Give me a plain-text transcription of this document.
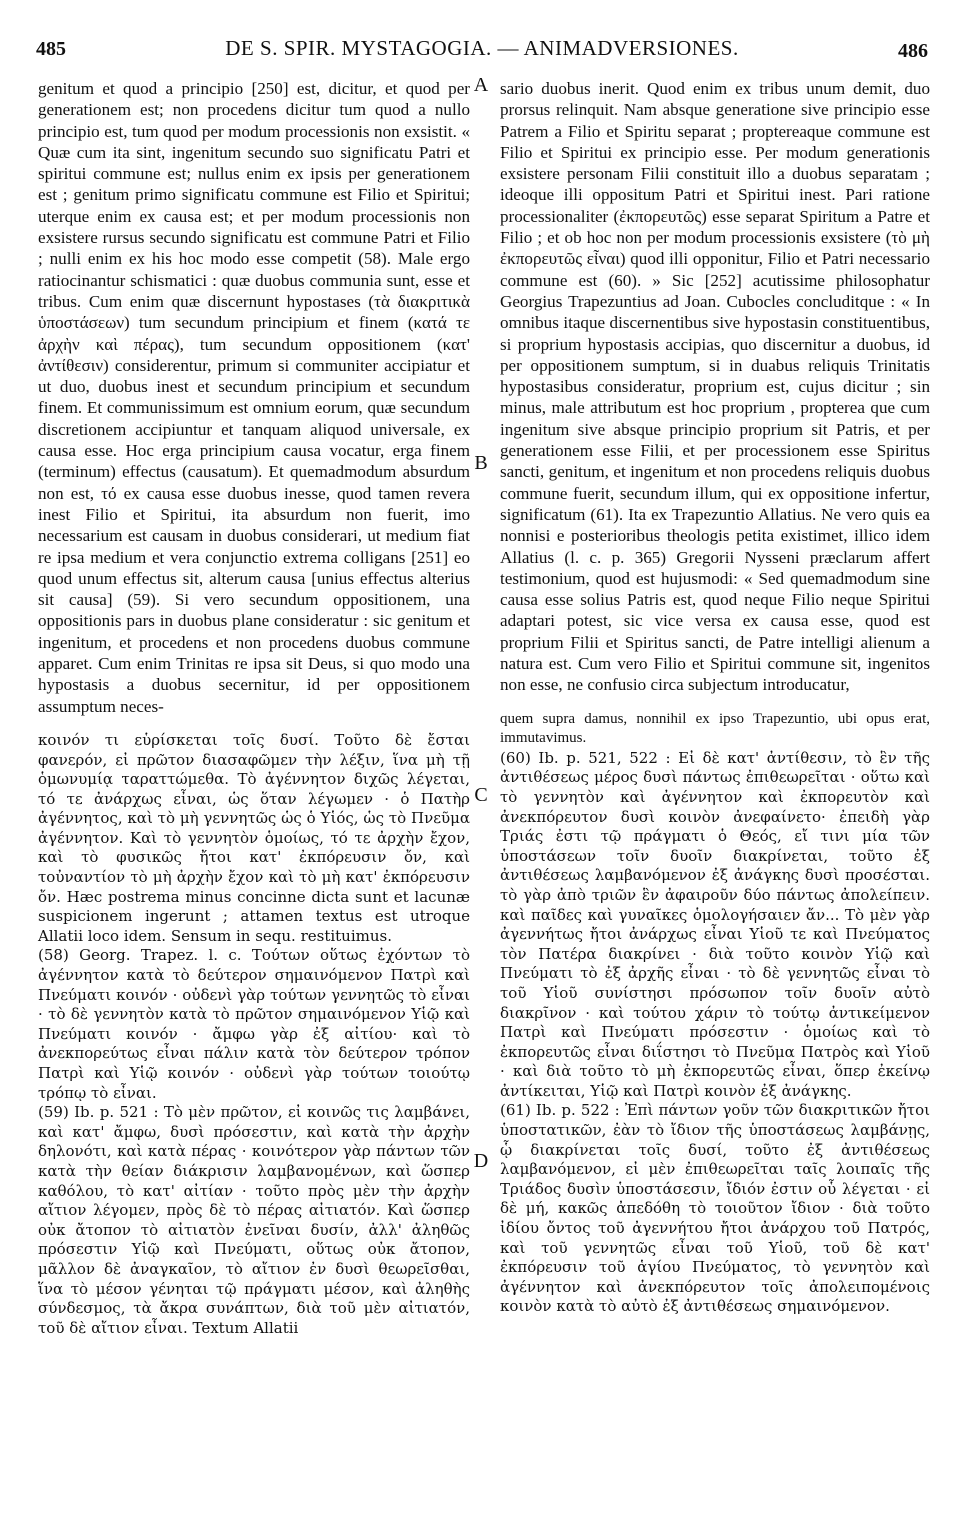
485	DE S. SPIR. MYSTAGOGIA. — ANIMADVERSIONES.	486
A
B
C
D

genitum et quod a principio [250] est, dicitur, et quod per generationem est; non procedens dicitur tum quod a nullo principio est, tum quod per modum processionis non exsistit. « Quæ cum ita sint, ingenitum secundo suo significatu Patri et spiritui commune est; nullus enim ex ipsis per generationem est ; genitum primo significatu commune est Filio et Spiritui; uterque enim ex causa est; et per modum processionis non exsistere rursus secundo significatu est commune Patri et Filio ; nulli enim ex his hoc modo esse competit (58). Male ergo ratiocinantur schismatici : quæ duobus communia sunt, esse et tribus. Cum enim quæ discernunt hypostases (τὰ διακριτικὰ ὑποστάσεων) tum secundum principium et finem (κατά τε ἀρχὴν καὶ πέρας), tum secundum oppositionem (κατ' ἀντίθεσιν) considerentur, primum si communiter accipiatur et ut duo, duobus inest et secundum principium et secundum finem. Et communissimum est omnium eorum, quæ secundum discretionem accipiuntur et tanquam aliquod universale, ex causa esse. Hoc erga principium causa vocatur, erga finem (terminum) effectus (causatum). Et quemadmodum absurdum non est, τό ex causa esse duobus inesse, quod tamen revera inest Filio et Spiritui, ita absurdum non fuerit, imo necessarium est causam in duobus considerari, ut medium fiat re ipsa medium et vera conjunctio extrema colligans [251] eo quod unum effectus sit, alterum causa [unius effectus alterius sit causa] (59). Si vero secundum oppositionem, una oppositionis pars in duobus plane consideratur : sic genitum et ingenitum, et procedens et non procedens duobus commune apparet. Cum enim Trinitas re ipsa sit Deus, si quo modo una hypostasis a duobus secernitur, id per oppositionem assumptum neces-

κοινόν τι εὑρίσκεται τοῖς δυσί. Τοῦτο δὲ ἔσται φανερόν, εἰ πρῶτον διασαφῶμεν τὴν λέξιν, ἵνα μὴ τῇ ὁμωνυμίᾳ ταραττώμεθα. Τὸ ἀγέννητον διχῶς λέγεται, τό τε ἀνάρχως εἶναι, ὡς ὅταν λέγωμεν · ὁ Πατὴρ ἀγέννητος, καὶ τὸ μὴ γεννητῶς ὡς ὁ Υἱός, ὡς τὸ Πνεῦμα ἀγέννητον. Καὶ τὸ γεννητὸν ὁμοίως, τό τε ἀρχὴν ἔχον, καὶ τὸ φυσικῶς ἤτοι κατ' ἐκπόρευσιν ὄν, καὶ τοὐναντίον τὸ μὴ ἀρχὴν ἔχον καὶ τὸ μὴ κατ' ἐκπόρευσιν ὄν. Hæc postrema minus concinne dicta sunt et lacunæ suspicionem ingerunt ; attamen textus est utroque Allatii loco idem. Sensum in sequ. restituimus.

(58) Georg. Trapez. l. c. Τούτων οὕτως ἐχόντων τὸ ἀγέννητον κατὰ τὸ δεύτερον σημαινόμενον Πατρὶ καὶ Πνεύματι κοινόν · οὐδενὶ γὰρ τούτων γεννητῶς τὸ εἶναι · τὸ δὲ γεννητὸν κατὰ τὸ πρῶτον σημαινόμενον Υἱῷ καὶ Πνεύματι κοινόν · ἄμφω γὰρ ἐξ αἰτίου· καὶ τὸ ἀνεκπορεύτως εἶναι πάλιν κατὰ τὸν δεύτερον τρόπον Πατρὶ καὶ Υἱῷ κοινόν · οὐδενὶ γὰρ τούτων τοιούτῳ τρόπῳ τὸ εἶναι.

(59) Ib. p. 521 : Τὸ μὲν πρῶτον, εἰ κοινῶς τις λαμβάνει, καὶ κατ' ἄμφω, δυσὶ πρόσεστιν, καὶ κατὰ τὴν ἀρχὴν δηλονότι, καὶ κατὰ πέρας · κοινότερον γὰρ πάντων τῶν κατὰ τὴν θείαν διάκρισιν λαμβανομένων, καὶ ὥσπερ καθόλου, τὸ κατ' αἰτίαν · τοῦτο πρὸς μὲν τὴν ἀρχὴν αἴτιον λέγομεν, πρὸς δὲ τὸ πέρας αἰτιατόν. Καὶ ὥσπερ οὐκ ἄτοπον τὸ αἰτιατὸν ἐνεῖναι δυσίν, ἀλλ' ἀληθῶς πρόσεστιν Υἱῷ καὶ Πνεύματι, οὕτως οὐκ ἄτοπον, μᾶλλον δὲ ἀναγκαῖον, τὸ αἴτιον ἐν δυσὶ θεωρεῖσθαι, ἵνα τὸ μέσον γένηται τῷ πράγματι μέσον, καὶ ἀληθὴς σύνδεσμος, τὰ ἄκρα συνάπτων, διὰ τοῦ μὲν αἰτιατόν, τοῦ δὲ αἴτιον εἶναι. Textum Allatii

sario duobus inerit. Quod enim ex tribus unum demit, duo prorsus relinquit. Nam absque generatione sive principio esse Patrem a Filio et Spiritu separat ; proptereaque commune est Filio et Spiritui ex principio esse. Per modum generationis exsistere personam Filii constituit illo a duobus separatam ; ideoque illi oppositum Patri et Spiritui inest. Pari ratione processionaliter (ἐκπορευτῶς) esse separat Spiritum a Patre et Filio ; et ob hoc non per modum processionis exsistere (τὸ μὴ ἐκπορευτῶς εἶναι) quod illi opponitur, Filio et Patri necessario commune est (60). » Sic [252] acutissime philosophatur Georgius Trapezuntius ad Joan. Cubocles concluditque : « In omnibus itaque discernentibus sive hypostasin constituentibus, si proprium hypostasis accipias, quo discernitur a duobus, id per oppositionem sumptum, si in duabus reliquis Trinitatis hypostasibus consideratur, proprium est, cujus dicitur ; sin minus, male attributum est hoc proprium , propterea que cum ingenitum sive absque principio proprium sit Patris, et per generationem esse Filii, et per processionem esse Spiritus sancti, genitum, et ingenitum et non procedens reliquis duobus commune fuerit, secundum illum, qui ex oppositione infertur, significatum (61). Ita ex Trapezuntio Allatius. Ne vero quis ea nonnisi e posterioribus theologis petita existimet, illico idem Allatius (l. c. p. 365) Gregorii Nysseni præclarum affert testimonium, quod est hujusmodi: « Sed quemadmodum sine causa esse solius Patris est, quod neque Filio neque Spiritui adaptari potest, sic vice versa ex causa esse, quod est proprium Filii et Spiritus sancti, de Patre intelligi alienum a natura est. Cum vero Filio et Spiritui commune sit, ingenitos non esse, ne confusio circa subjectum introducatur,

quem supra damus, nonnihil ex ipso Trapezuntio, ubi opus erat, immutavimus.

(60) Ib. p. 521, 522 : Εἰ δὲ κατ' ἀντίθεσιν, τὸ ἓν τῆς ἀντιθέσεως μέρος δυσὶ πάντως ἐπιθεωρεῖται · οὕτω καὶ τὸ γεννητὸν καὶ ἀγέννητον καὶ ἐκπορευτὸν καὶ ἀνεκπόρευτον δυσὶ κοινὸν ἀνεφαίνετο· ἐπειδὴ γὰρ Τριάς ἐστι τῷ πράγματι ὁ Θεός, εἴ τινι μία τῶν ὑποστάσεων τοῖν δυοῖν διακρίνεται, τοῦτο ἐξ ἀντιθέσεως λαμβανόμενον ἐξ ἀνάγκης δυσὶ προσέσται. τὸ γὰρ ἀπὸ τριῶν ἓν ἀφαιροῦν δύο πάντως ἀπολείπειν. καὶ παῖδες καὶ γυναῖκες ὁμολογήσαιεν ἄν... Τὸ μὲν γὰρ ἀγεννήτως ἤτοι ἀνάρχως εἶναι Υἱοῦ τε καὶ Πνεύματος τὸν Πατέρα διακρίνει · διὰ τοῦτο κοινὸν Υἱῷ καὶ Πνεύματι τὸ ἐξ ἀρχῆς εἶναι · τὸ δὲ γεννητῶς εἶναι τὸ τοῦ Υἱοῦ συνίστησι πρόσωπον τοῖν δυοῖν αὐτὸ διακρῖνον · καὶ τούτου χάριν τὸ τούτῳ ἀντικείμενον Πατρὶ καὶ Πνεύματι πρόσεστιν · ὁμοίως καὶ τὸ ἐκπορευτῶς εἶναι διΐστησι τὸ Πνεῦμα Πατρὸς καὶ Υἱοῦ · καὶ διὰ τοῦτο τὸ μὴ ἐκπορευτῶς εἶναι, ὅπερ ἐκείνῳ ἀντίκειται, Υἱῷ καὶ Πατρὶ κοινὸν ἐξ ἀνάγκης.

(61) Ib. p. 522 : Ἐπὶ πάντων γοῦν τῶν διακριτικῶν ἤτοι ὑποστατικῶν, ἐὰν τὸ ἴδιον τῆς ὑποστάσεως λαμβάνῃς, ᾧ διακρίνεται τοῖς δυσί, τοῦτο ἐξ ἀντιθέσεως λαμβανόμενον, εἰ μὲν ἐπιθεωρεῖται ταῖς λοιπαῖς τῆς Τριάδος δυσὶν ὑποστάσεσιν, ἴδιόν ἐστιν οὗ λέγεται · εἰ δὲ μή, κακῶς ἀπεδόθη τὸ τοιοῦτον ἴδιον · διὰ τοῦτο ἰδίου ὄντος τοῦ ἀγεννήτου ἤτοι ἀνάρχου τοῦ Πατρός, καὶ τοῦ γεννητῶς εἶναι τοῦ Υἱοῦ, τοῦ δὲ κατ' ἐκπόρευσιν τοῦ ἁγίου Πνεύματος, τὸ γεννητὸν καὶ ἀγέννητον καὶ ἀνεκπόρευτον τοῖς ἀπολειπομένοις κοινὸν κατὰ τὸ αὐτὸ ἐξ ἀντιθέσεως σημαινόμενον.
